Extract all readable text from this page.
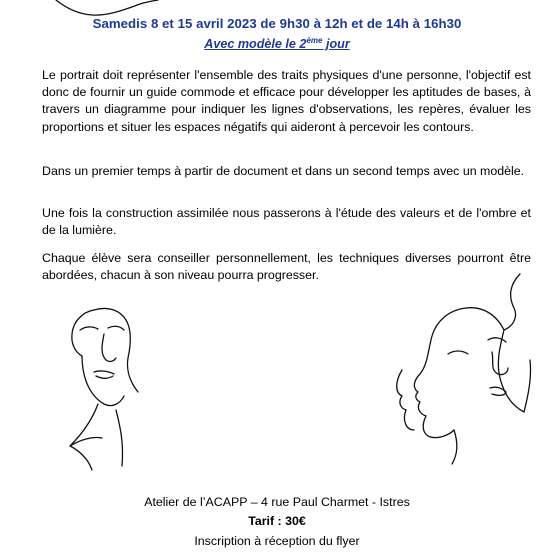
Samedis 8 et 15 avril 2023 de 9h30 à 12h et de 14h à 16h30
Avec modèle le 2ème jour

Le portrait doit représenter l'ensemble des traits physiques d'une personne, l'objectif est donc de fournir un guide commode et efficace pour développer les aptitudes de bases, à travers un diagramme pour indiquer les lignes d'observations, les repères, évaluer les proportions et situer les espaces négatifs qui aideront à percevoir les contours.

Dans un premier temps à partir de document et dans un second temps avec un modèle.

Une fois la construction assimilée nous passerons à l'étude des valeurs et de l'ombre et de la lumière.

Chaque élève sera conseiller personnellement, les techniques diverses pourront être abordées, chacun à son niveau pourra progresser.

Atelier de l’ACAPP – 4 rue Paul Charmet - Istres
Tarif : 30€
Inscription à réception du flyer
